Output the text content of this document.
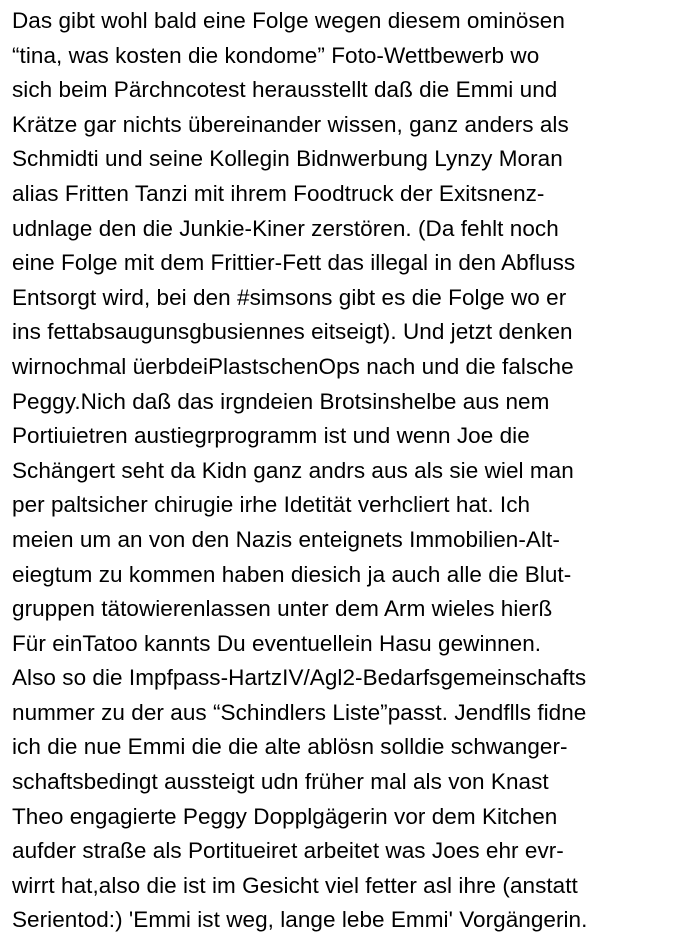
Das gibt wohl bald eine Folge wegen diesem ominösen
“tina, was kosten die kondome” Foto-Wettbewerb wo
sich beim Pärchncotest herausstellt daß die Emmi und
Krätze gar nichts übereinander wissen, ganz anders als
Schmidti und seine Kollegin Bidnwerbung Lynzy Moran
alias Fritten Tanzi mit ihrem Foodtruck der Exitsnenz-
udnlage den die Junkie-Kiner zerstören. (Da fehlt noch
eine Folge mit dem Frittier-Fett das illegal in den Abfluss
Entsorgt wird, bei den #simsons gibt es die Folge wo er
ins fettabsaugunsgbusiennes eitseigt). Und jetzt denken
wirnochmal üerbdeiPlastschenOps nach und die falsche
Peggy.Nich daß das irgndeien Brotsinshelbe aus nem
Portiuietren austiegrprogramm ist und wenn Joe die
Schängert seht da Kidn ganz andrs aus als sie wiel man
per paltsicher chirugie irhe Idetität verhcliert hat. Ich
meien um an von den Nazis enteignets Immobilien-Alt-
eiegtum zu kommen haben diesich ja auch alle die Blut-
gruppen tätowierenlassen unter dem Arm wieles hierß
Für einTatoo kannts Du eventuellein Hasu gewinnen.
Also so die Impfpass-HartzIV/Agl2-Bedarfsgemeinschafts
nummer zu der aus “Schindlers Liste”passt. Jendflls fidne
ich die nue Emmi die die alte ablösn solldie schwanger-
schaftsbedingt aussteigt udn früher mal als von Knast
Theo engagierte Peggy Dopplgägerin vor dem Kitchen
aufder straße als Portitueiret arbeitet was Joes ehr evr-
wirrt hat,also die ist im Gesicht viel fetter asl ihre (anstatt
Serientod:) 'Emmi ist weg, lange lebe Emmi' Vorgängerin.
